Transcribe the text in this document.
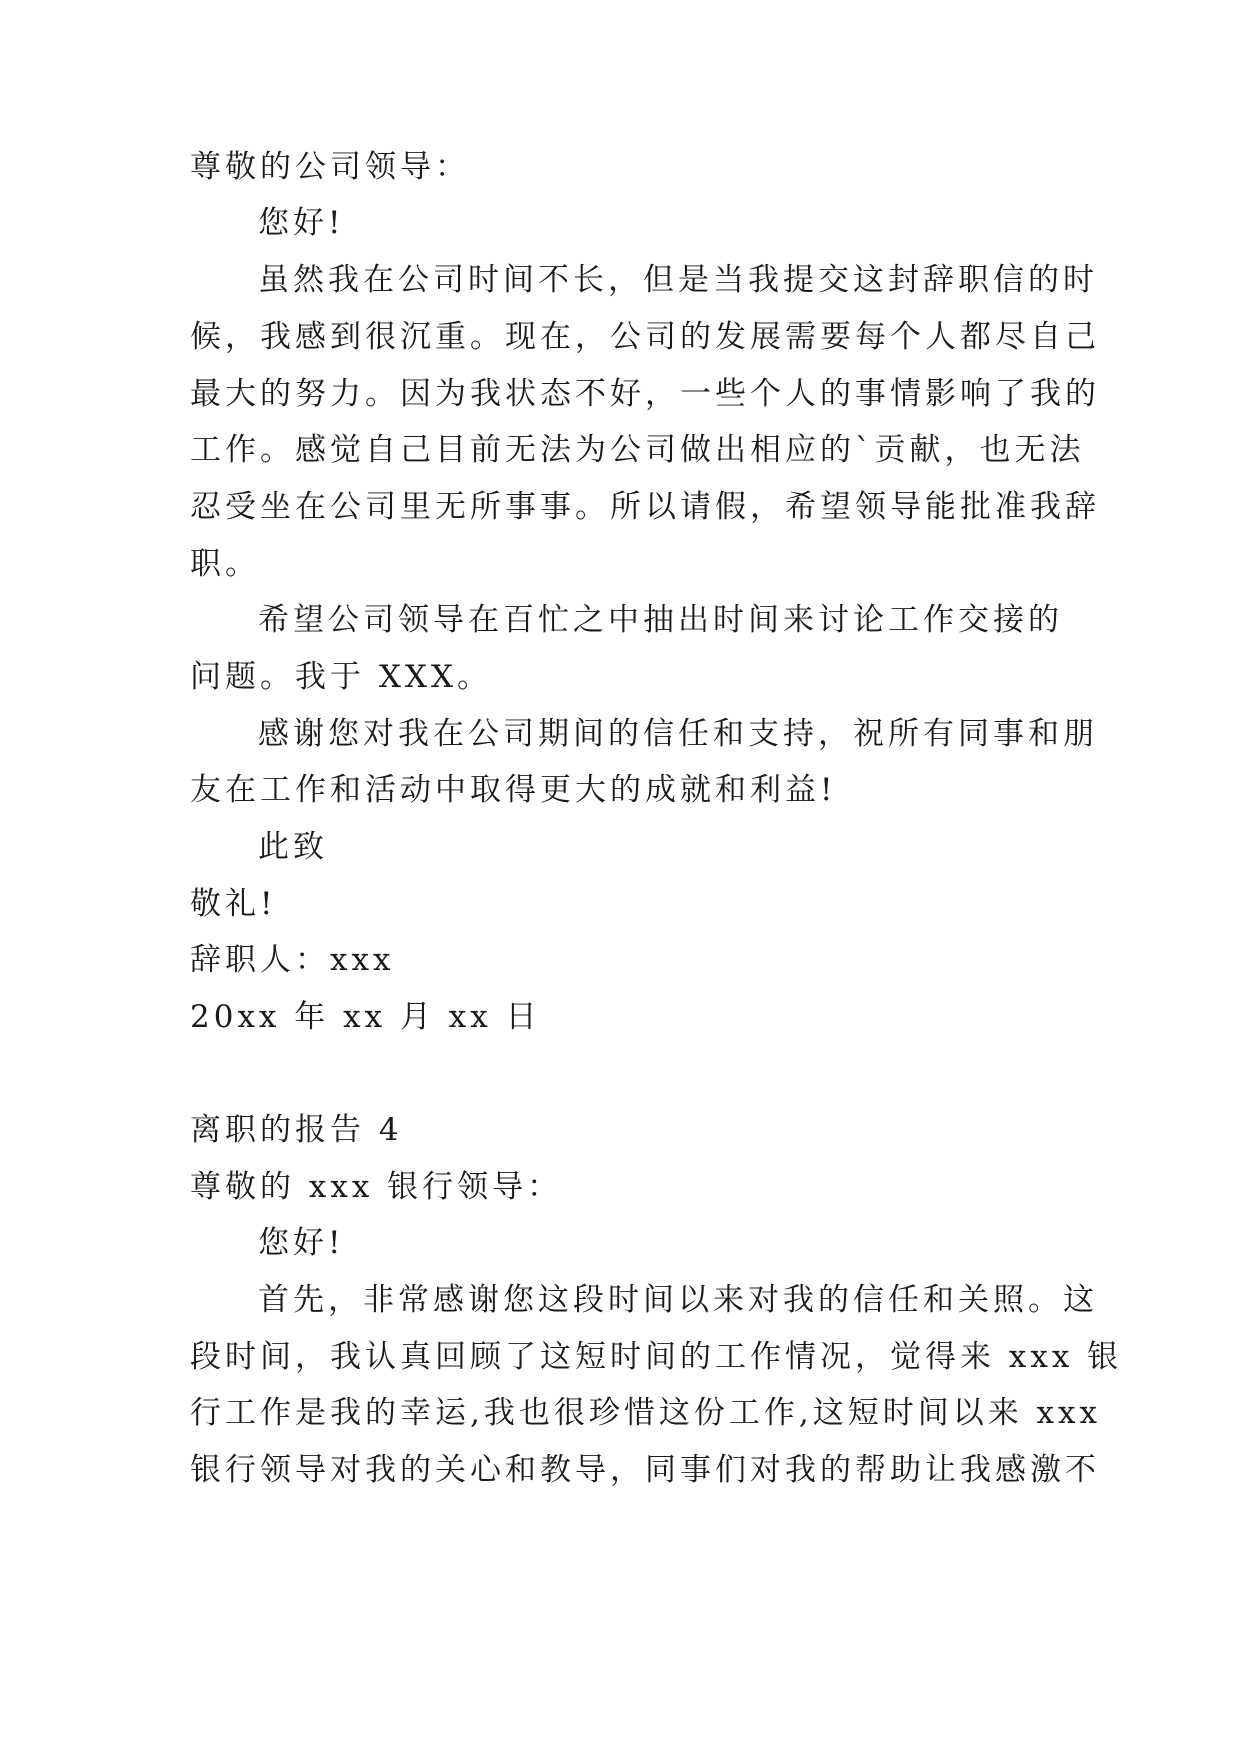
尊敬的公司领导：
您好!
虽然我在公司时间不长，但是当我提交这封辞职信的时
候，我感到很沉重。现在，公司的发展需要每个人都尽自己
最大的努力。因为我状态不好，一些个人的事情影响了我的
工作。感觉自己目前无法为公司做出相应的`贡献，也无法
忍受坐在公司里无所事事。所以请假，希望领导能批准我辞
职。
希望公司领导在百忙之中抽出时间来讨论工作交接的
问题。我于 XXX。
感谢您对我在公司期间的信任和支持，祝所有同事和朋
友在工作和活动中取得更大的成就和利益!
此致
敬礼!
辞职人：xxx
20xx 年 xx 月 xx 日
离职的报告 4
尊敬的 xxx 银行领导：
您好!
首先，非常感谢您这段时间以来对我的信任和关照。这
段时间，我认真回顾了这短时间的工作情况，觉得来 xxx 银
行工作是我的幸运,我也很珍惜这份工作,这短时间以来 xxx
银行领导对我的关心和教导，同事们对我的帮助让我感激不
